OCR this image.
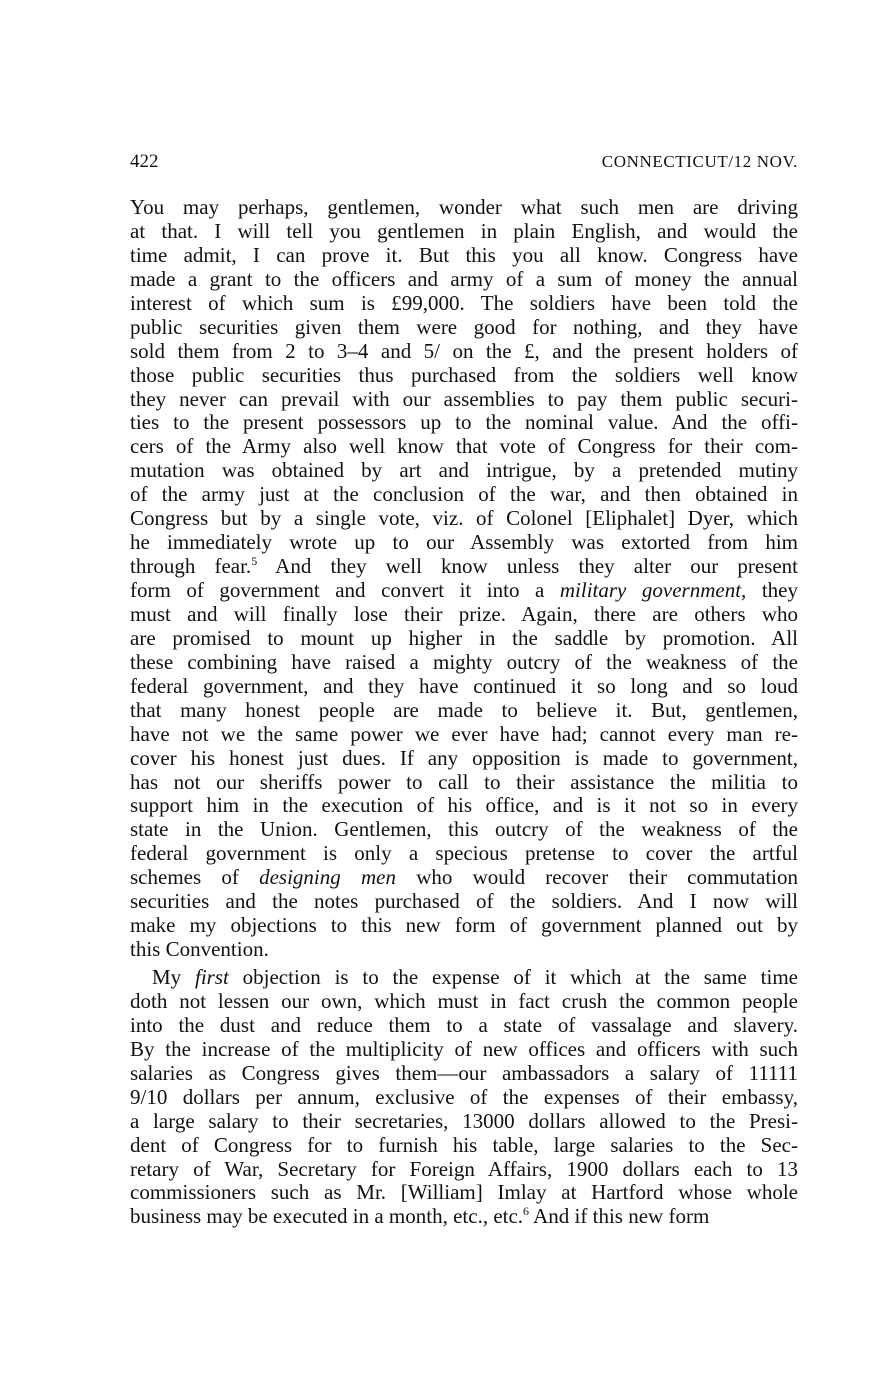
422	CONNECTICUT/12 NOV.
You may perhaps, gentlemen, wonder what such men are driving
at that. I will tell you gentlemen in plain English, and would the
time admit, I can prove it. But this you all know. Congress have
made a grant to the officers and army of a sum of money the annual
interest of which sum is £99,000. The soldiers have been told the
public securities given them were good for nothing, and they have
sold them from 2 to 3–4 and 5/ on the £, and the present holders of
those public securities thus purchased from the soldiers well know
they never can prevail with our assemblies to pay them public securi-
ties to the present possessors up to the nominal value. And the offi-
cers of the Army also well know that vote of Congress for their com-
mutation was obtained by art and intrigue, by a pretended mutiny
of the army just at the conclusion of the war, and then obtained in
Congress but by a single vote, viz. of Colonel [Eliphalet] Dyer, which
he immediately wrote up to our Assembly was extorted from him
through fear.$^5$ And they well know unless they alter our present
form of government and convert it into a military government, they
must and will finally lose their prize. Again, there are others who
are promised to mount up higher in the saddle by promotion. All
these combining have raised a mighty outcry of the weakness of the
federal government, and they have continued it so long and so loud
that many honest people are made to believe it. But, gentlemen,
have not we the same power we ever have had; cannot every man re-
cover his honest just dues. If any opposition is made to government,
has not our sheriffs power to call to their assistance the militia to
support him in the execution of his office, and is it not so in every
state in the Union. Gentlemen, this outcry of the weakness of the
federal government is only a specious pretense to cover the artful
schemes of designing men who would recover their commutation
securities and the notes purchased of the soldiers. And I now will
make my objections to this new form of government planned out by
this Convention.
My first objection is to the expense of it which at the same time
doth not lessen our own, which must in fact crush the common people
into the dust and reduce them to a state of vassalage and slavery.
By the increase of the multiplicity of new offices and officers with such
salaries as Congress gives them—our ambassadors a salary of 11111
9/10 dollars per annum, exclusive of the expenses of their embassy,
a large salary to their secretaries, 13000 dollars allowed to the Presi-
dent of Congress for to furnish his table, large salaries to the Sec-
retary of War, Secretary for Foreign Affairs, 1900 dollars each to 13
commissioners such as Mr. [William] Imlay at Hartford whose whole
business may be executed in a month, etc., etc.$^6$ And if this new form
